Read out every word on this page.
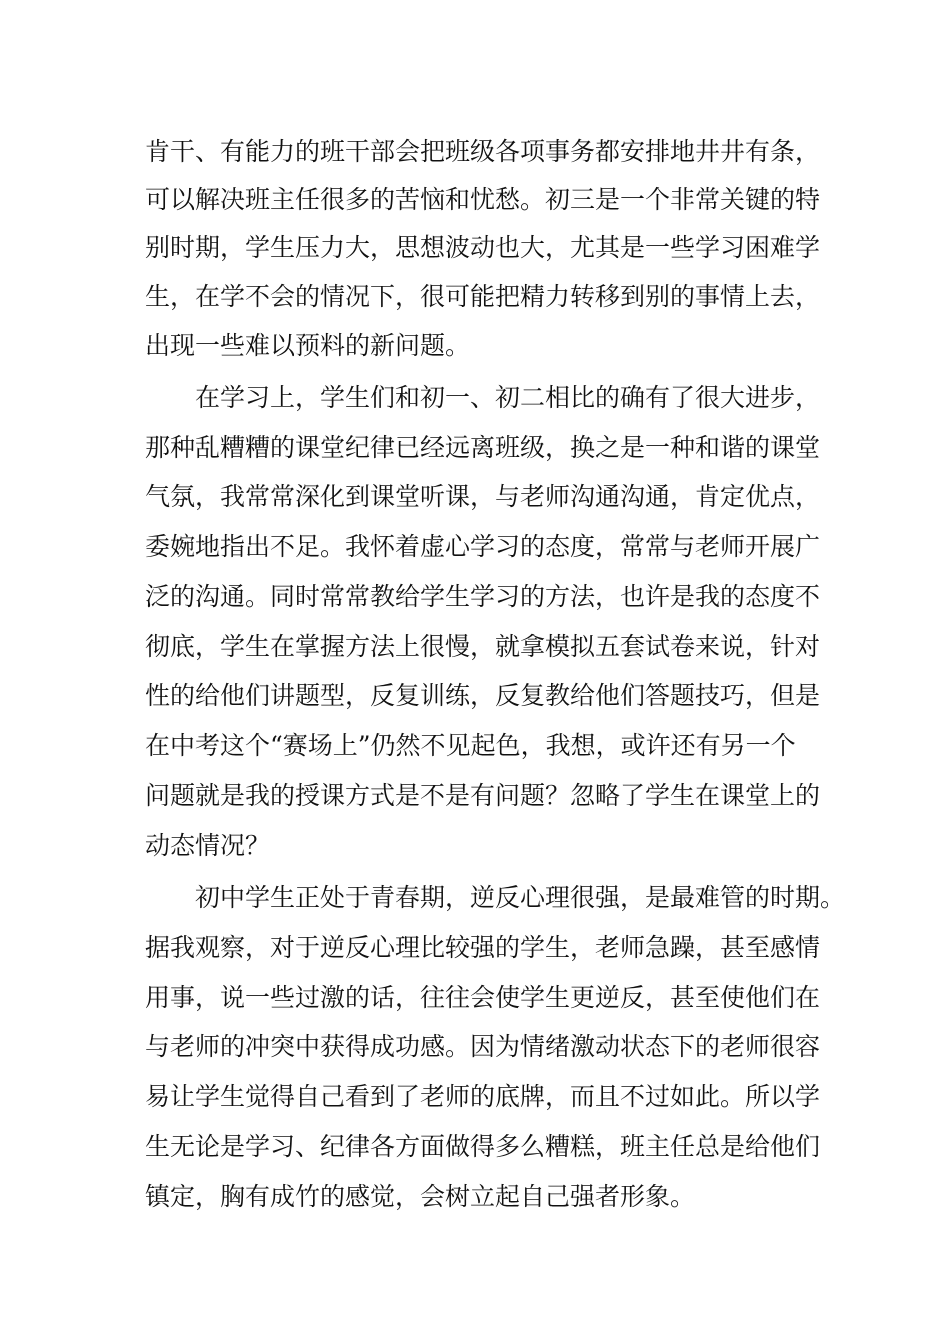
肯干、有能力的班干部会把班级各项事务都安排地井井有条，
可以解决班主任很多的苦恼和忧愁。初三是一个非常关键的特
别时期，学生压力大，思想波动也大，尤其是一些学习困难学
生，在学不会的情况下，很可能把精力转移到别的事情上去，
出现一些难以预料的新问题。
在学习上，学生们和初一、初二相比的确有了很大进步，
那种乱糟糟的课堂纪律已经远离班级，换之是一种和谐的课堂
气氛，我常常深化到课堂听课，与老师沟通沟通，肯定优点，
委婉地指出不足。我怀着虚心学习的态度，常常与老师开展广
泛的沟通。同时常常教给学生学习的方法，也许是我的态度不
彻底，学生在掌握方法上很慢，就拿模拟五套试卷来说，针对
性的给他们讲题型，反复训练，反复教给他们答题技巧，但是
在中考这个“赛场上”仍然不见起色，我想，或许还有另一个
问题就是我的授课方式是不是有问题？忽略了学生在课堂上的
动态情况？
初中学生正处于青春期，逆反心理很强，是最难管的时期。
据我观察，对于逆反心理比较强的学生，老师急躁，甚至感情
用事，说一些过激的话，往往会使学生更逆反，甚至使他们在
与老师的冲突中获得成功感。因为情绪激动状态下的老师很容
易让学生觉得自己看到了老师的底牌，而且不过如此。所以学
生无论是学习、纪律各方面做得多么糟糕，班主任总是给他们
镇定，胸有成竹的感觉，会树立起自己强者形象。
